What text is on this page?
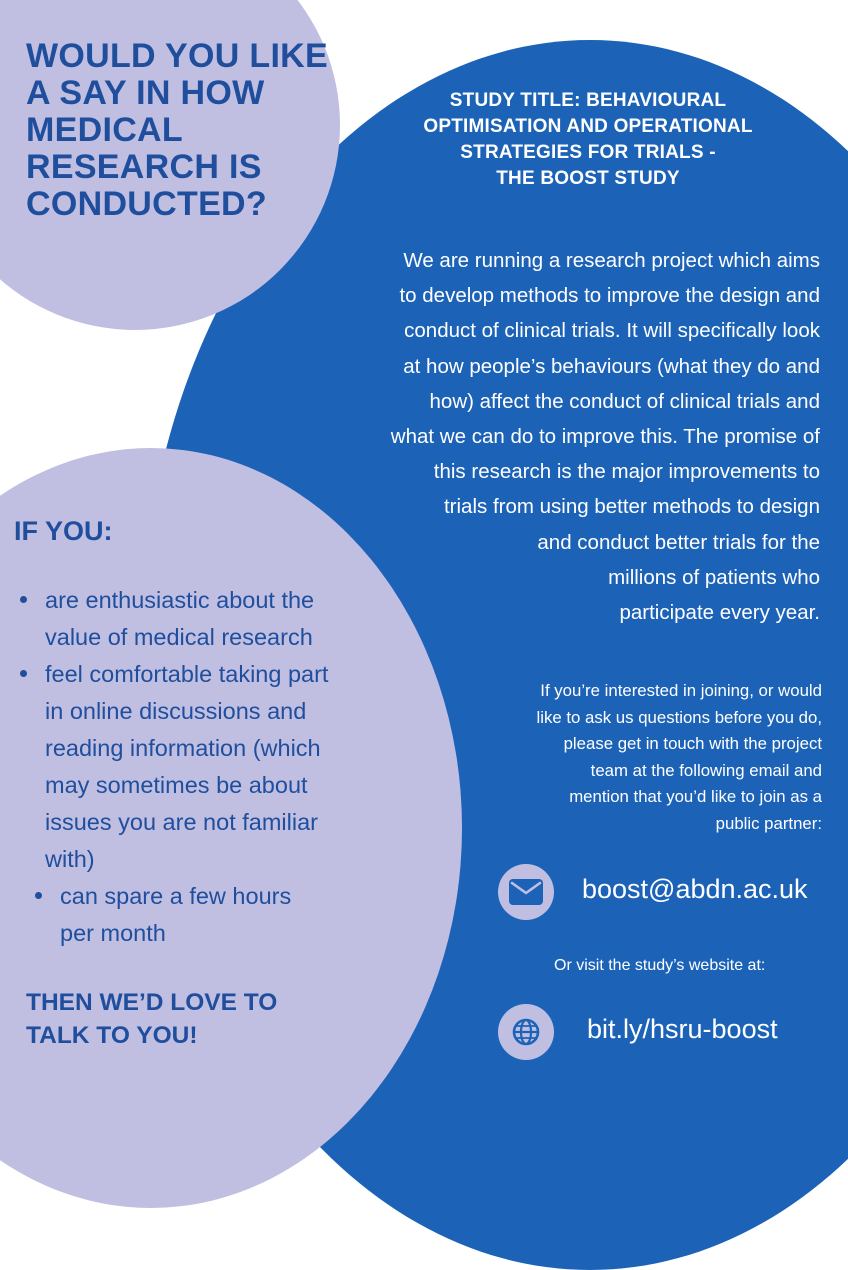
WOULD YOU LIKE
A SAY IN HOW
MEDICAL
RESEARCH IS
CONDUCTED?
STUDY TITLE: BEHAVIOURAL
OPTIMISATION AND OPERATIONAL
STRATEGIES FOR TRIALS -
THE BOOST STUDY
We are running a research project which aims
to develop methods to improve the design and
conduct of clinical trials. It will specifically look
at how people’s behaviours (what they do and
how) affect the conduct of clinical trials and
what we can do to improve this. The promise of
this research is the major improvements to
trials from using better methods to design
and conduct better trials for the
millions of patients who
participate every year.
IF YOU:
are enthusiastic about the
value of medical research
feel comfortable taking part
in online discussions and
reading information (which
may sometimes be about
issues you are not familiar
with)
can spare a few hours
per month
THEN WE’D LOVE TO
TALK TO YOU!
If you’re interested in joining, or would
like to ask us questions before you do,
please get in touch with the project
team at the following email and
mention that you’d like to join as a
public partner:
boost@abdn.ac.uk
Or visit the study’s website at:
bit.ly/hsru-boost
